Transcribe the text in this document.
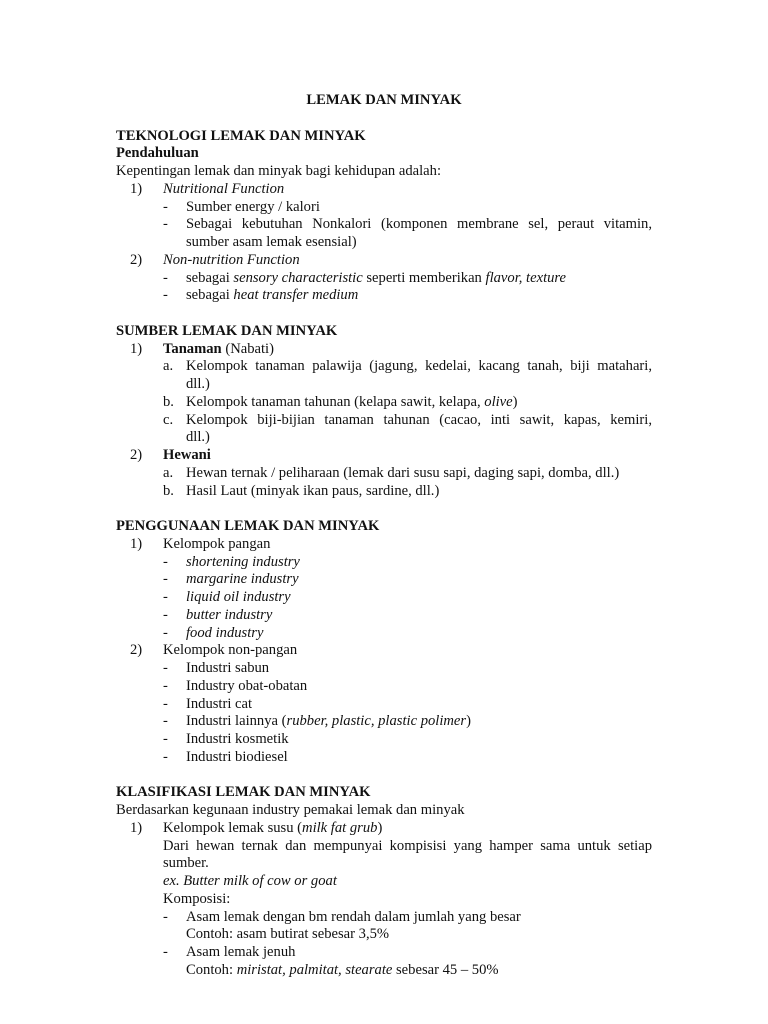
LEMAK DAN MINYAK
TEKNOLOGI LEMAK DAN MINYAK
Pendahuluan
Kepentingan lemak dan minyak bagi kehidupan adalah:
1) Nutritional Function
- Sumber energy / kalori
- Sebagai kebutuhan Nonkalori (komponen membrane sel, peraut vitamin,
sumber asam lemak esensial)
2) Non-nutrition Function
- sebagai sensory characteristic seperti memberikan flavor, texture
- sebagai heat transfer medium
SUMBER LEMAK DAN MINYAK
1) Tanaman (Nabati)
a. Kelompok tanaman palawija (jagung, kedelai, kacang tanah, biji matahari,
dll.)
b. Kelompok tanaman tahunan (kelapa sawit, kelapa, olive)
c. Kelompok biji-bijian tanaman tahunan (cacao, inti sawit, kapas, kemiri,
dll.)
2) Hewani
a. Hewan ternak / peliharaan (lemak dari susu sapi, daging sapi, domba, dll.)
b. Hasil Laut (minyak ikan paus, sardine, dll.)
PENGGUNAAN LEMAK DAN MINYAK
1) Kelompok pangan
- shortening industry
- margarine industry
- liquid oil industry
- butter industry
- food industry
2) Kelompok non-pangan
- Industri sabun
- Industry obat-obatan
- Industri cat
- Industri lainnya (rubber, plastic, plastic polimer)
- Industri kosmetik
- Industri biodiesel
KLASIFIKASI LEMAK DAN MINYAK
Berdasarkan kegunaan industry pemakai lemak dan minyak
1) Kelompok lemak susu (milk fat grub)
Dari hewan ternak dan mempunyai kompisisi yang hamper sama untuk setiap
sumber.
ex. Butter milk of cow or goat
Komposisi:
- Asam lemak dengan bm rendah dalam jumlah yang besar
Contoh: asam butirat sebesar 3,5%
- Asam lemak jenuh
Contoh: miristat, palmitat, stearate sebesar 45 – 50%
